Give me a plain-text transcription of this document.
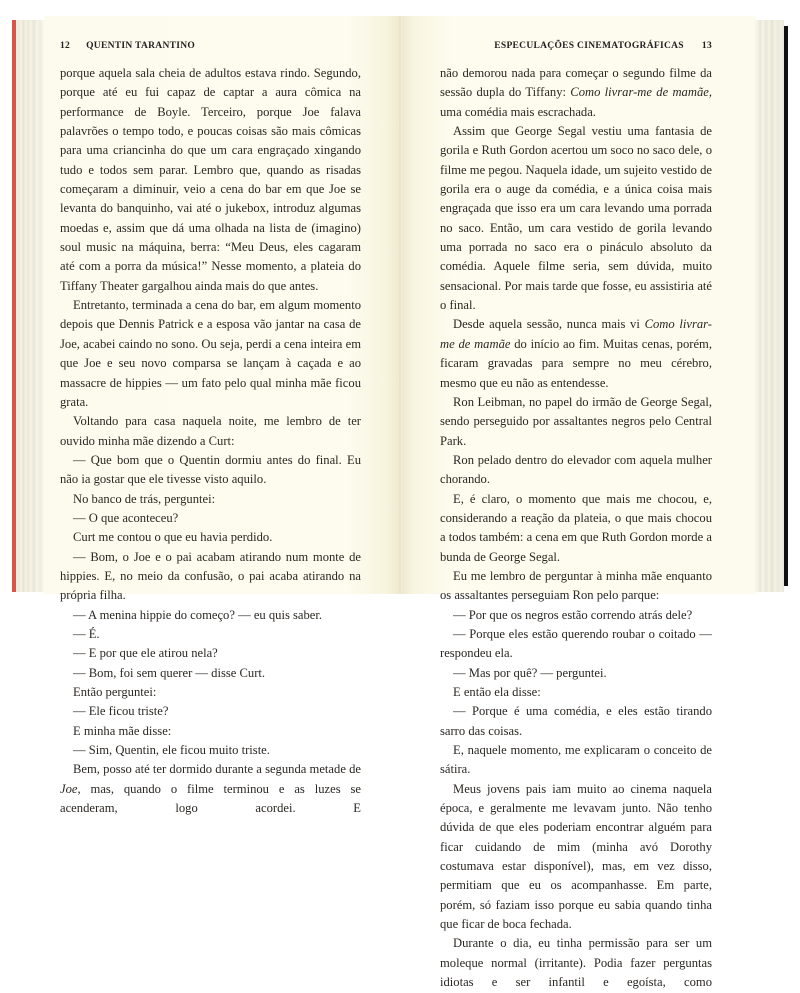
12 QUENTIN TARANTINO	ESPECULAÇÕES CINEMATOGRÁFICAS 13

porque aquela sala cheia de adultos estava rindo. Segundo, porque até eu fui capaz de captar a aura cômica na performance de Boyle. Terceiro, porque Joe falava palavrões o tempo todo, e poucas coisas são mais cômicas para uma criancinha do que um cara engraçado xingando tudo e todos sem parar. Lembro que, quando as risadas começaram a diminuir, veio a cena do bar em que Joe se levanta do banquinho, vai até o jukebox, introduz algumas moedas e, assim que dá uma olhada na lista de (imagino) soul music na máquina, berra: “Meu Deus, eles cagaram até com a porra da música!” Nesse momento, a plateia do Tiffany Theater gargalhou ainda mais do que antes.

Entretanto, terminada a cena do bar, em algum momento depois que Dennis Patrick e a esposa vão jantar na casa de Joe, acabei caindo no sono. Ou seja, perdi a cena inteira em que Joe e seu novo comparsa se lançam à caçada e ao massacre de hippies — um fato pelo qual minha mãe ficou grata.

Voltando para casa naquela noite, me lembro de ter ouvido minha mãe dizendo a Curt:

— Que bom que o Quentin dormiu antes do final. Eu não ia gostar que ele tivesse visto aquilo.

No banco de trás, perguntei:

— O que aconteceu?

Curt me contou o que eu havia perdido.

— Bom, o Joe e o pai acabam atirando num monte de hippies. E, no meio da confusão, o pai acaba atirando na própria filha.

— A menina hippie do começo? — eu quis saber.

— É.

— E por que ele atirou nela?

— Bom, foi sem querer — disse Curt.

Então perguntei:

— Ele ficou triste?

E minha mãe disse:

— Sim, Quentin, ele ficou muito triste.

Bem, posso até ter dormido durante a segunda metade de Joe, mas, quando o filme terminou e as luzes se acenderam, logo acordei. E

não demorou nada para começar o segundo filme da sessão dupla do Tiffany: Como livrar-me de mamãe, uma comédia mais escrachada.

Assim que George Segal vestiu uma fantasia de gorila e Ruth Gordon acertou um soco no saco dele, o filme me pegou. Naquela idade, um sujeito vestido de gorila era o auge da comédia, e a única coisa mais engraçada que isso era um cara levando uma porrada no saco. Então, um cara vestido de gorila levando uma porrada no saco era o pináculo absoluto da comédia. Aquele filme seria, sem dúvida, muito sensacional. Por mais tarde que fosse, eu assistiria até o final.

Desde aquela sessão, nunca mais vi Como livrar-me de mamãe do início ao fim. Muitas cenas, porém, ficaram gravadas para sempre no meu cérebro, mesmo que eu não as entendesse.

Ron Leibman, no papel do irmão de George Segal, sendo perseguido por assaltantes negros pelo Central Park.

Ron pelado dentro do elevador com aquela mulher chorando.

E, é claro, o momento que mais me chocou, e, considerando a reação da plateia, o que mais chocou a todos também: a cena em que Ruth Gordon morde a bunda de George Segal.

Eu me lembro de perguntar à minha mãe enquanto os assaltantes perseguiam Ron pelo parque:

— Por que os negros estão correndo atrás dele?

— Porque eles estão querendo roubar o coitado — respondeu ela.

— Mas por quê? — perguntei.

E então ela disse:

— Porque é uma comédia, e eles estão tirando sarro das coisas.

E, naquele momento, me explicaram o conceito de sátira.

Meus jovens pais iam muito ao cinema naquela época, e geralmente me levavam junto. Não tenho dúvida de que eles poderiam encontrar alguém para ficar cuidando de mim (minha avó Dorothy costumava estar disponível), mas, em vez disso, permitiam que eu os acompanhasse. Em parte, porém, só faziam isso porque eu sabia quando tinha que ficar de boca fechada.

Durante o dia, eu tinha permissão para ser um moleque normal (irritante). Podia fazer perguntas idiotas e ser infantil e egoísta, como
